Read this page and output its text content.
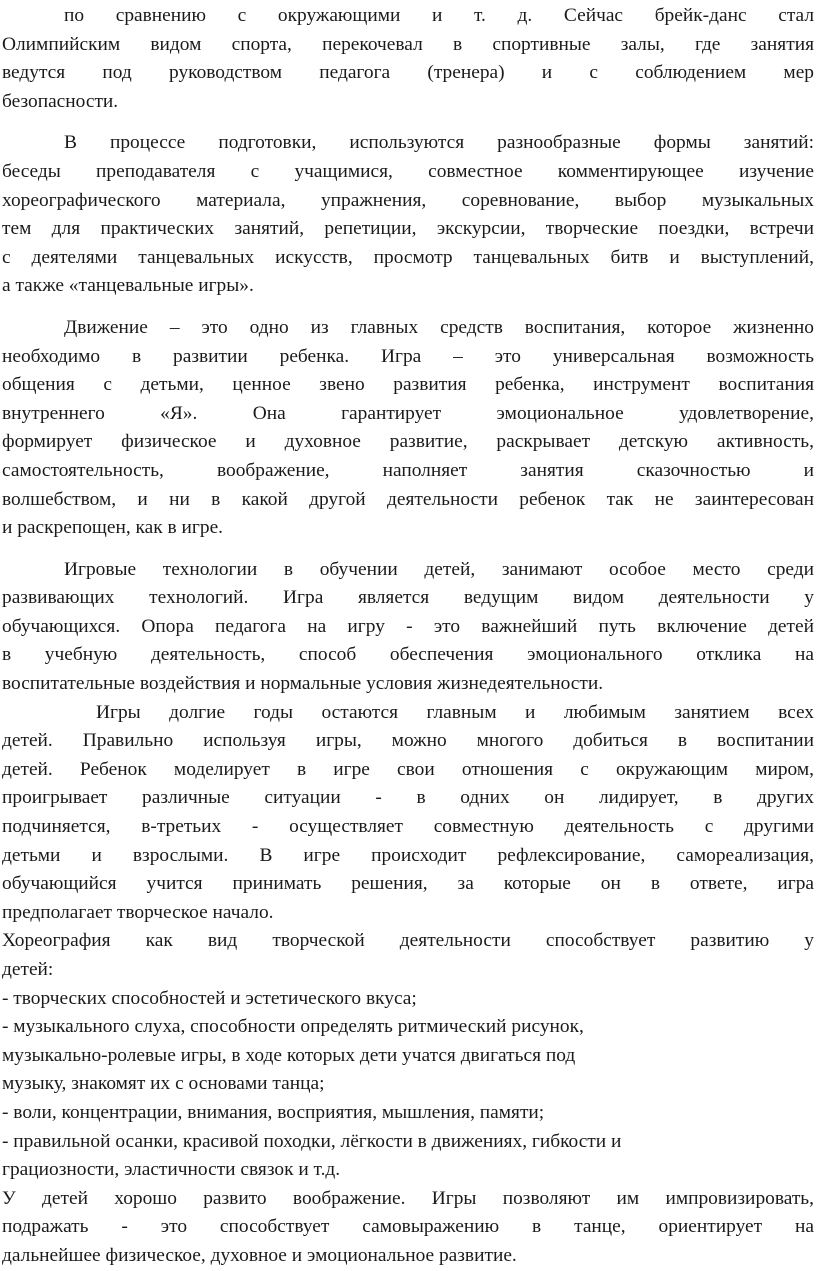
по сравнению с окружающими и т. д. Сейчас брейк-данс стал
Олимпийским видом спорта, перекочевал в спортивные залы, где занятия
ведутся под руководством педагога (тренера) и с соблюдением мер
безопасности.
В процессе подготовки, используются разнообразные формы занятий:
беседы преподавателя с учащимися, совместное комментирующее изучение
хореографического материала, упражнения, соревнование, выбор музыкальных
тем для практических занятий, репетиции, экскурсии, творческие поездки, встречи
с деятелями танцевальных искусств, просмотр танцевальных битв и выступлений,
а также «танцевальные игры».
Движение – это одно из главных средств воспитания, которое жизненно
необходимо в развитии ребенка. Игра – это универсальная возможность
общения с детьми, ценное звено развития ребенка, инструмент воспитания
внутреннего «Я». Она гарантирует эмоциональное удовлетворение,
формирует физическое и духовное развитие, раскрывает детскую активность,
самостоятельность, воображение, наполняет занятия сказочностью и
волшебством, и ни в какой другой деятельности ребенок так не заинтересован
и раскрепощен, как в игре.
Игровые технологии в обучении детей, занимают особое место среди
развивающих технологий. Игра является ведущим видом деятельности у
обучающихся. Опора педагога на игру - это важнейший путь включение детей
в учебную деятельность, способ обеспечения эмоционального отклика на
воспитательные воздействия и нормальные условия жизнедеятельности.
Игры долгие годы остаются главным и любимым занятием всех
детей. Правильно используя игры, можно многого добиться в воспитании
детей. Ребенок моделирует в игре свои отношения с окружающим миром,
проигрывает различные ситуации - в одних он лидирует, в других
подчиняется, в-третьих - осуществляет совместную деятельность с другими
детьми и взрослыми. В игре происходит рефлексирование, самореализация,
обучающийся учится принимать решения, за которые он в ответе, игра
предполагает творческое начало.
Хореография как вид творческой деятельности способствует развитию у
детей:
- творческих способностей и эстетического вкуса;
- музыкального слуха, способности определять ритмический рисунок,
музыкально-ролевые игры, в ходе которых дети учатся двигаться под
музыку, знакомят их с основами танца;
- воли, концентрации, внимания, восприятия, мышления, памяти;
- правильной осанки, красивой походки, лёгкости в движениях, гибкости и
грациозности, эластичности связок и т.д.
У детей хорошо развито воображение. Игры позволяют им импровизировать,
подражать - это способствует самовыражению в танце, ориентирует на
дальнейшее физическое, духовное и эмоциональное развитие.
